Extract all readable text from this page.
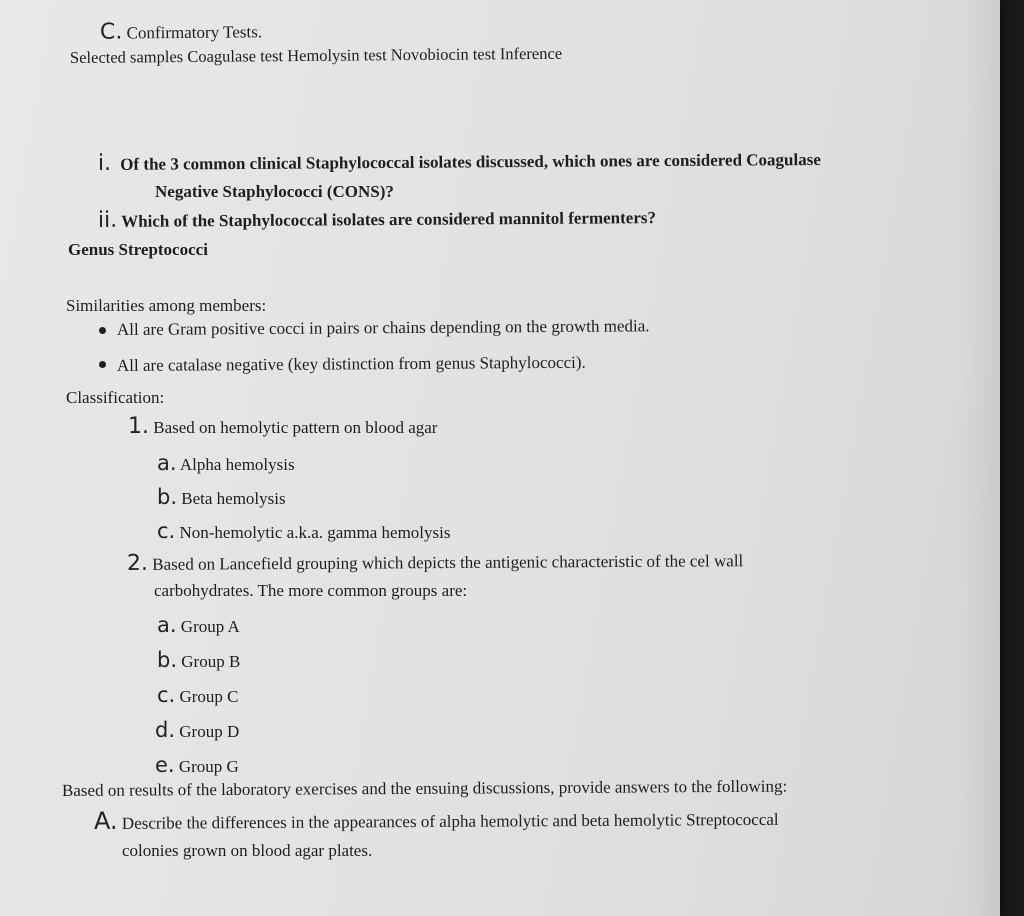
C. Confirmatory Tests.
Selected samples Coagulase test Hemolysin test Novobiocin test Inference
i. Of the 3 common clinical Staphylococcal isolates discussed, which ones are considered Coagulase
Negative Staphylococci (CONS)?
ii. Which of the Staphylococcal isolates are considered mannitol fermenters?
Genus Streptococci
Similarities among members:
All are Gram positive cocci in pairs or chains depending on the growth media.
All are catalase negative (key distinction from genus Staphylococci).
Classification:
1. Based on hemolytic pattern on blood agar
a. Alpha hemolysis
b. Beta hemolysis
c. Non-hemolytic a.k.a. gamma hemolysis
2. Based on Lancefield grouping which depicts the antigenic characteristic of the cel wall
carbohydrates. The more common groups are:
a. Group A
b. Group B
c. Group C
d. Group D
e. Group G
Based on results of the laboratory exercises and the ensuing discussions, provide answers to the following:
A. Describe the differences in the appearances of alpha hemolytic and beta hemolytic Streptococcal
colonies grown on blood agar plates.
